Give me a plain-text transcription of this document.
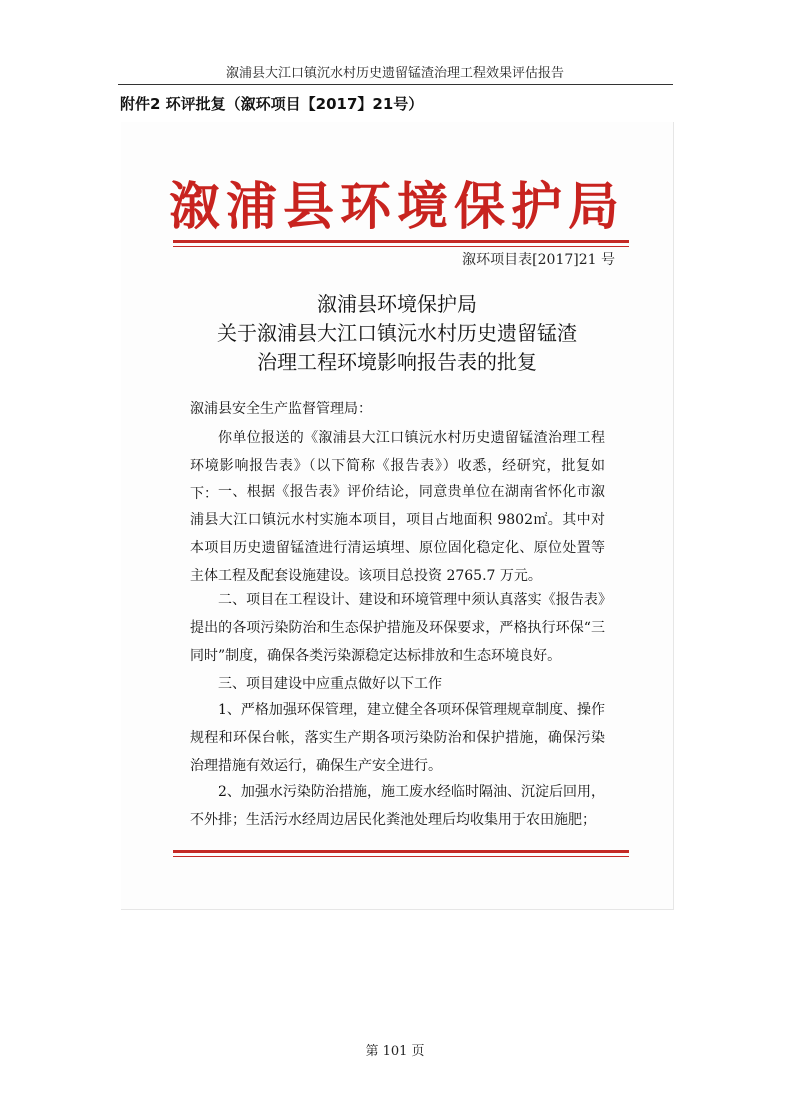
溆浦县大江口镇沉水村历史遗留锰渣治理工程效果评估报告
附件2 环评批复（溆环项目【2017】21号）
溆浦县环境保护局
溆环项目表[2017]21 号
溆浦县环境保护局
关于溆浦县大江口镇沅水村历史遗留锰渣
治理工程环境影响报告表的批复
溆浦县安全生产监督管理局：

你单位报送的《溆浦县大江口镇沅水村历史遗留锰渣治理工程环境影响报告表》（以下简称《报告表》）收悉，经研究，批复如下： 一、根据《报告表》评价结论，同意贵单位在湖南省怀化市溆浦县大江口镇沅水村实施本项目，项目占地面积 9802㎡。其中对本项目历史遗留锰渣进行清运填埋、原位固化稳定化、原位处置等主体工程及配套设施建设。该项目总投资 2765.7 万元。

二、项目在工程设计、建设和环境管理中须认真落实《报告表》提出的各项污染防治和生态保护措施及环保要求，严格执行环保“三同时”制度，确保各类污染源稳定达标排放和生态环境良好。

三、项目建设中应重点做好以下工作

1、严格加强环保管理，建立健全各项环保管理规章制度、操作规程和环保台帐，落实生产期各项污染防治和保护措施，确保污染治理措施有效运行，确保生产安全进行。

2、加强水污染防治措施，施工废水经临时隔油、沉淀后回用，不外排；生活污水经周边居民化粪池处理后均收集用于农田施肥；

第 101 页
